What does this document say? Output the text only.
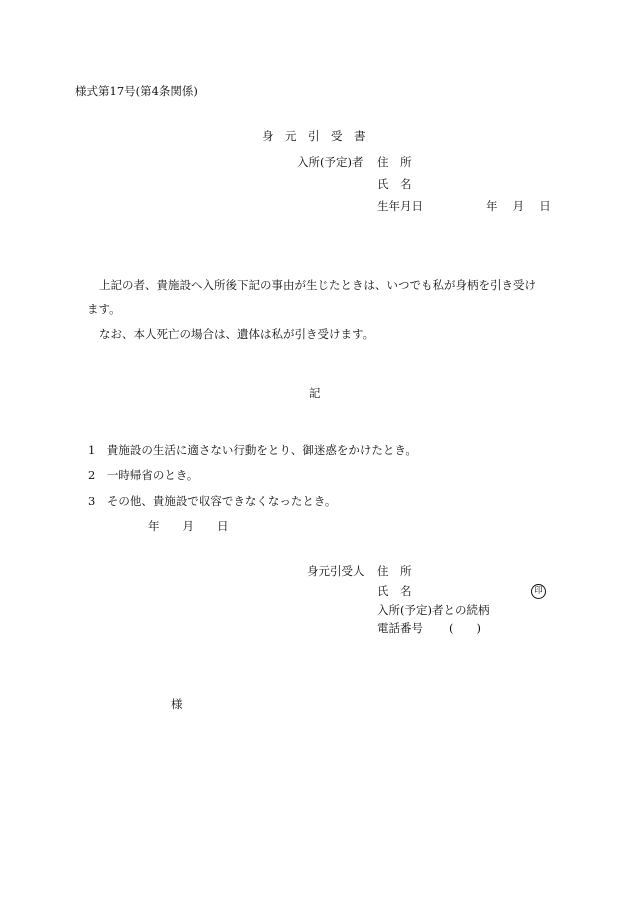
様式第17号(第4条関係)
身　元　引　受　書
入所(予定)者 住　所
氏　名
生年月日	年　 月　 日
上記の者、貴施設へ入所後下記の事由が生じたときは、いつでも私が身柄を引き受け
ます。
なお、本人死亡の場合は、遺体は私が引き受けます。
記
1　貴施設の生活に適さない行動をとり、御迷惑をかけたとき。
2　一時帰省のとき。
3　その他、貴施設で収容できなくなったとき。
年　　月　　日
身元引受人 住　所
氏　名	印
入所(予定)者との続柄
電話番号 (　　)
様
